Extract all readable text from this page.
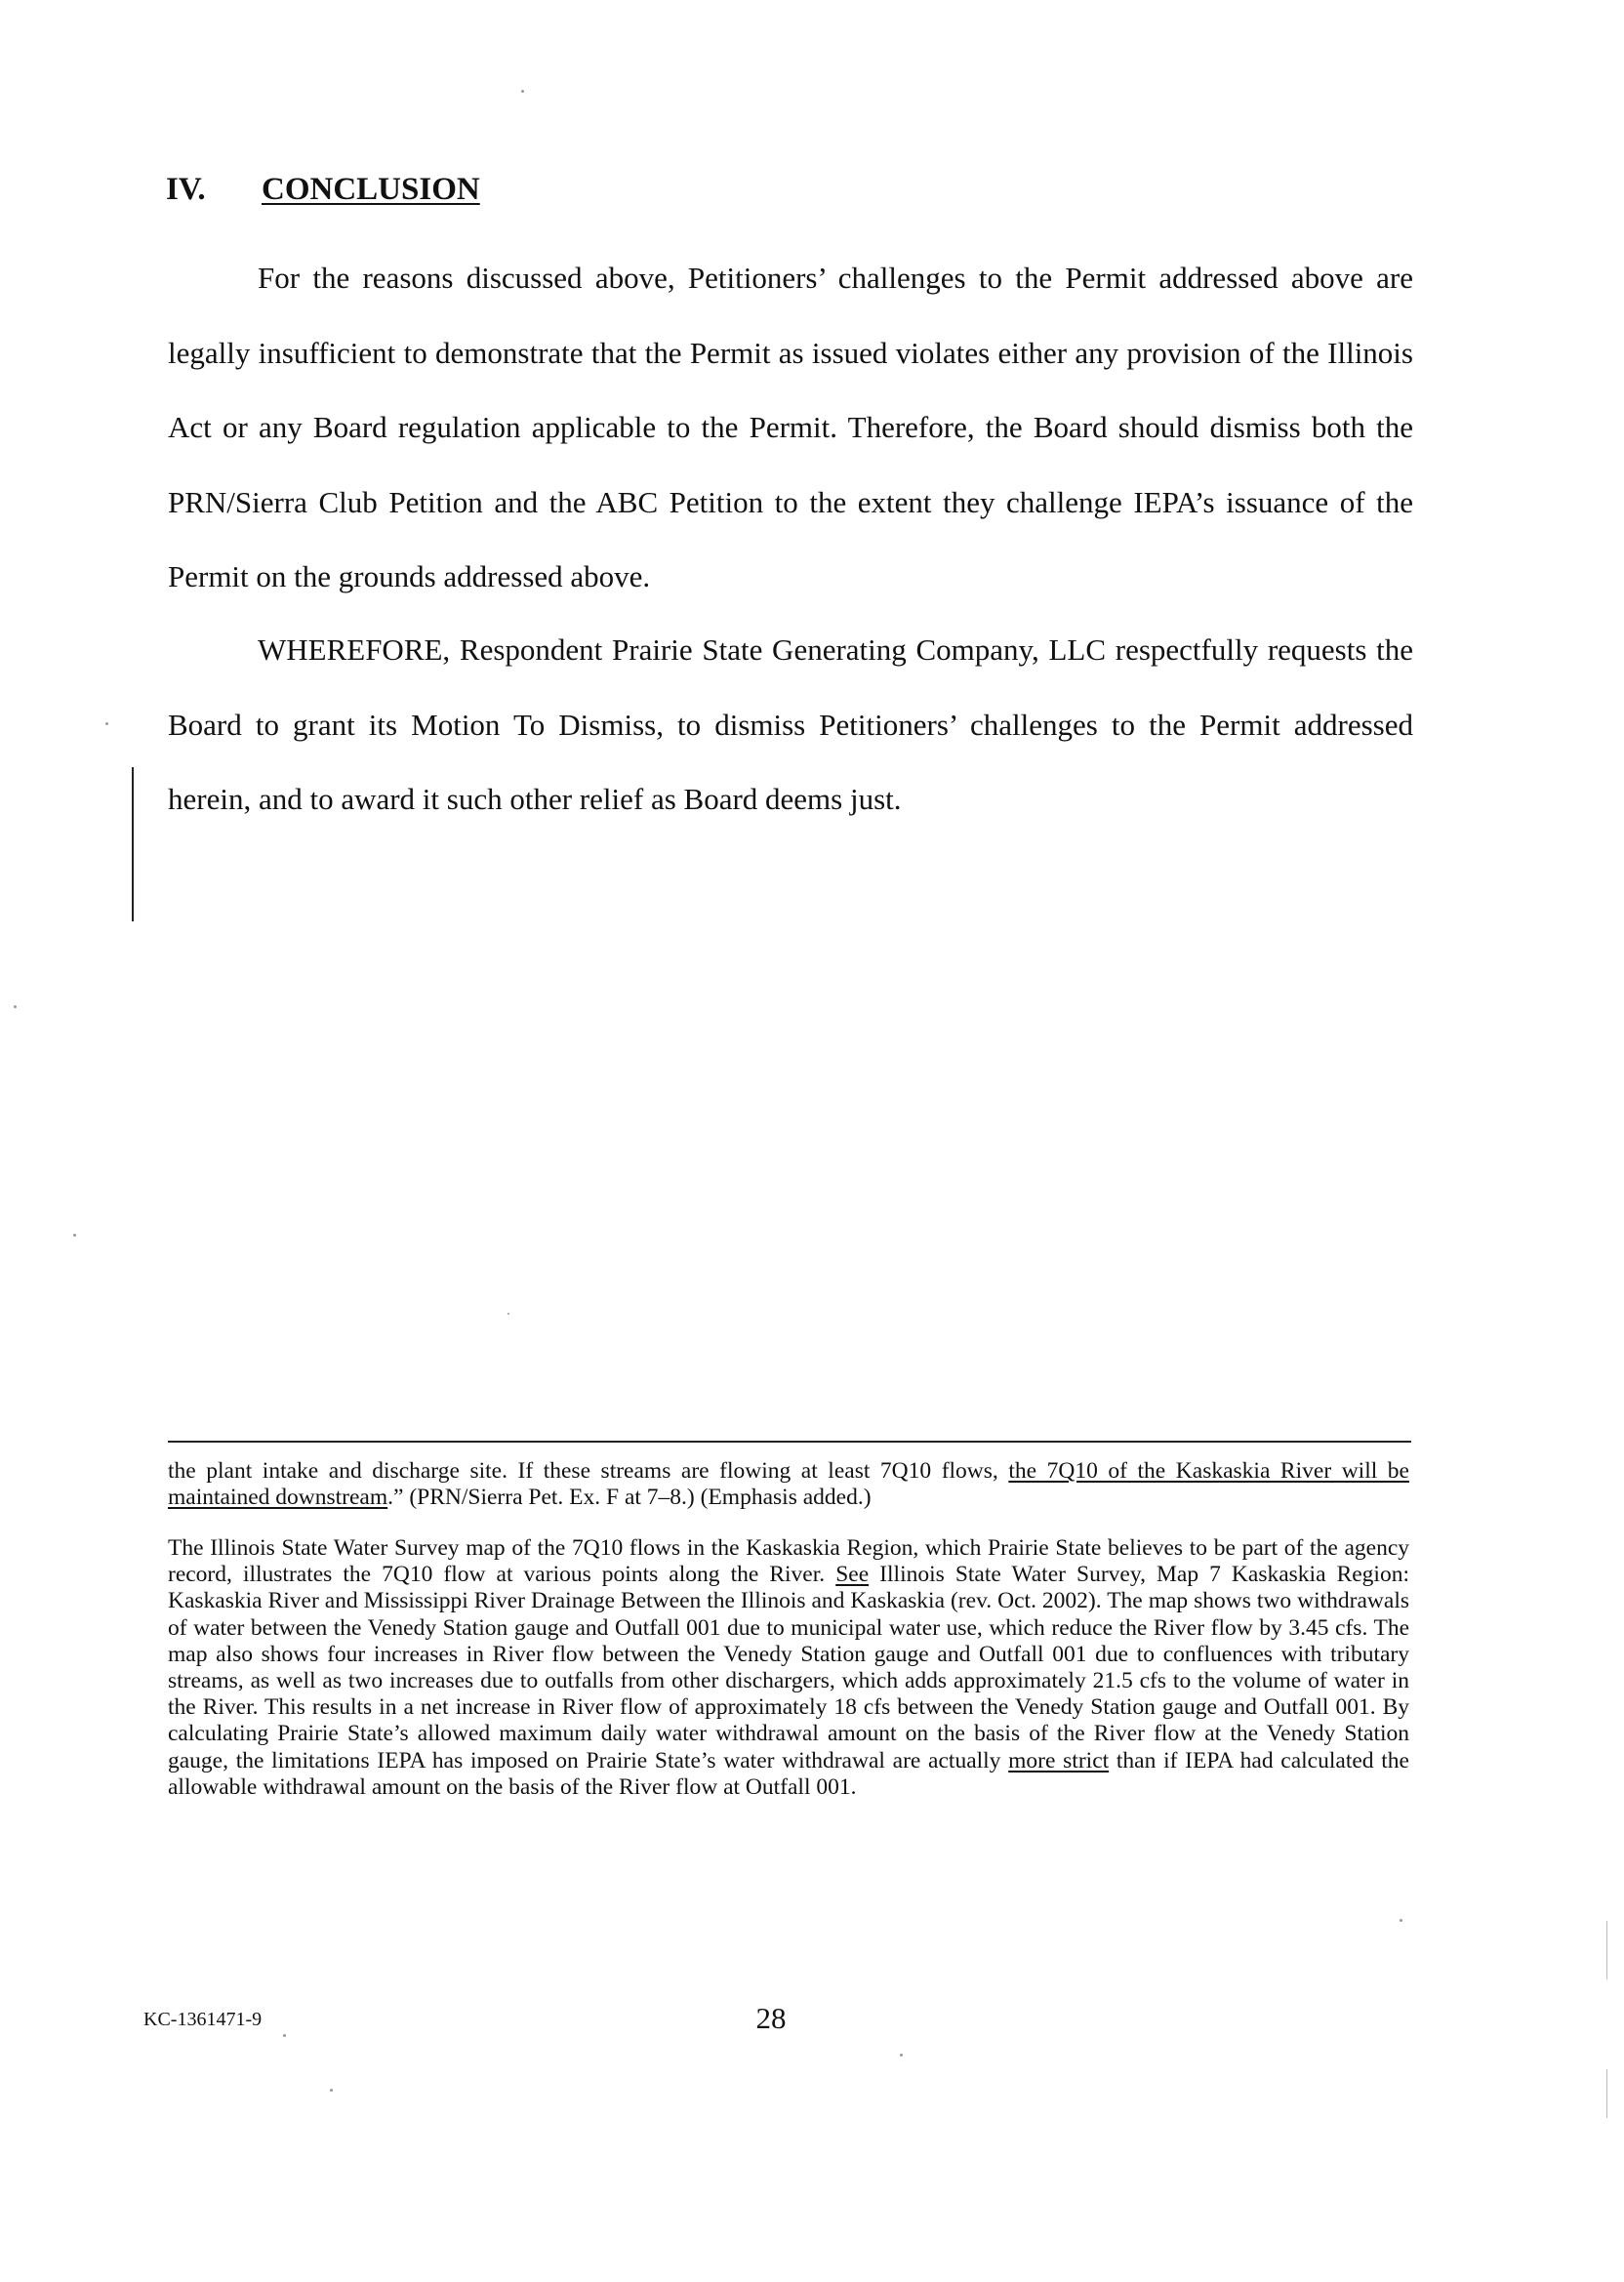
IV. CONCLUSION

For the reasons discussed above, Petitioners’ challenges to the Permit addressed above are legally insufficient to demonstrate that the Permit as issued violates either any provision of the Illinois Act or any Board regulation applicable to the Permit. Therefore, the Board should dismiss both the PRN/Sierra Club Petition and the ABC Petition to the extent they challenge IEPA’s issuance of the Permit on the grounds addressed above.

WHEREFORE, Respondent Prairie State Generating Company, LLC respectfully requests the Board to grant its Motion To Dismiss, to dismiss Petitioners’ challenges to the Permit addressed herein, and to award it such other relief as Board deems just.

the plant intake and discharge site. If these streams are flowing at least 7Q10 flows, the 7Q10 of the Kaskaskia River will be maintained downstream.” (PRN/Sierra Pet. Ex. F at 7–8.) (Emphasis added.)

The Illinois State Water Survey map of the 7Q10 flows in the Kaskaskia Region, which Prairie State believes to be part of the agency record, illustrates the 7Q10 flow at various points along the River. See Illinois State Water Survey, Map 7 Kaskaskia Region: Kaskaskia River and Mississippi River Drainage Between the Illinois and Kaskaskia (rev. Oct. 2002). The map shows two withdrawals of water between the Venedy Station gauge and Outfall 001 due to municipal water use, which reduce the River flow by 3.45 cfs. The map also shows four increases in River flow between the Venedy Station gauge and Outfall 001 due to confluences with tributary streams, as well as two increases due to outfalls from other dischargers, which adds approximately 21.5 cfs to the volume of water in the River. This results in a net increase in River flow of approximately 18 cfs between the Venedy Station gauge and Outfall 001. By calculating Prairie State’s allowed maximum daily water withdrawal amount on the basis of the River flow at the Venedy Station gauge, the limitations IEPA has imposed on Prairie State’s water withdrawal are actually more strict than if IEPA had calculated the allowable withdrawal amount on the basis of the River flow at Outfall 001.

KC-1361471-9	28
